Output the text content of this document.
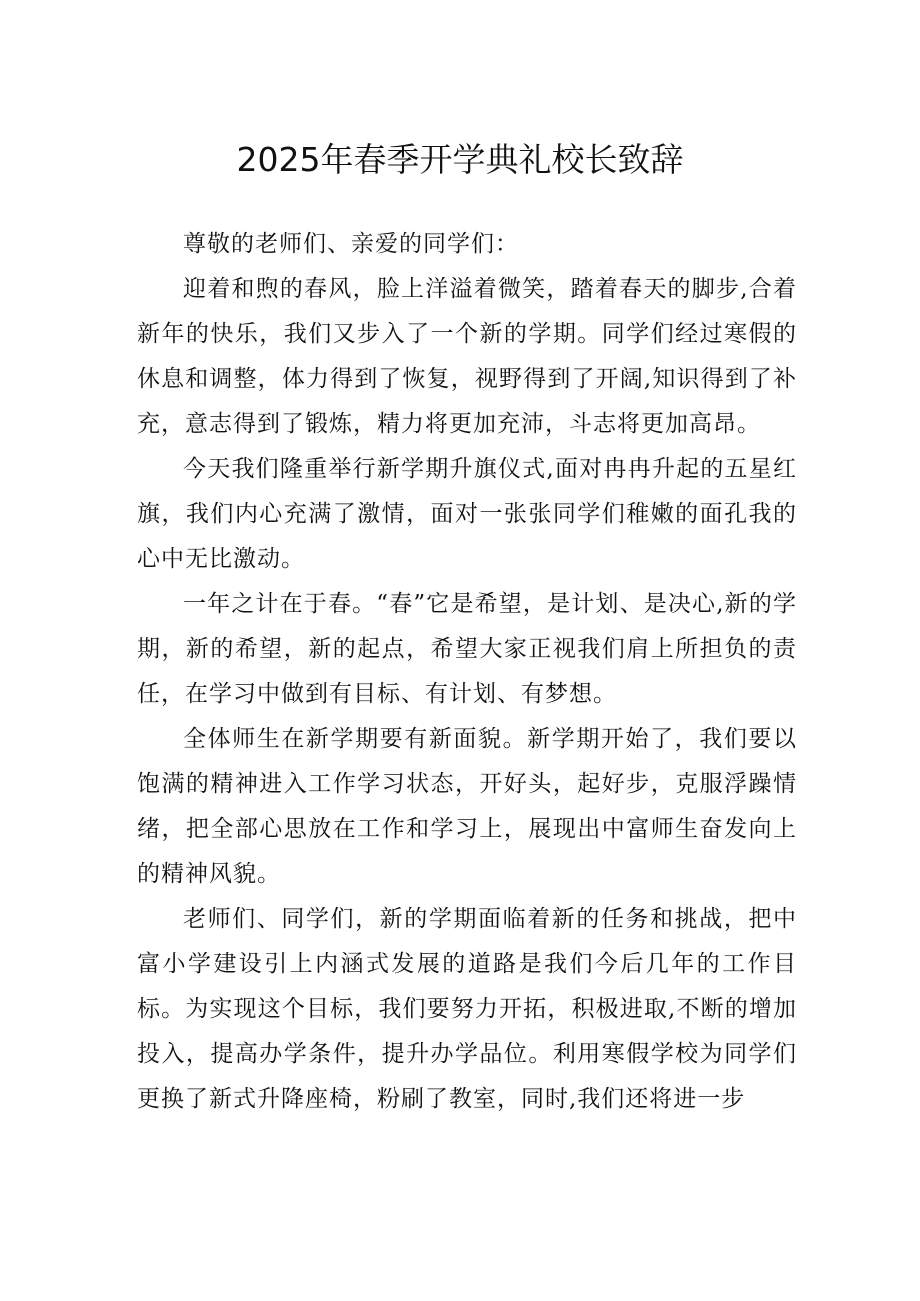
2025年春季开学典礼校长致辞

尊敬的老师们、亲爱的同学们：

迎着和煦的春风，脸上洋溢着微笑，踏着春天的脚步,合着新年的快乐，我们又步入了一个新的学期。同学们经过寒假的休息和调整，体力得到了恢复，视野得到了开阔,知识得到了补充，意志得到了锻炼，精力将更加充沛，斗志将更加高昂。

今天我们隆重举行新学期升旗仪式,面对冉冉升起的五星红旗，我们内心充满了激情，面对一张张同学们稚嫩的面孔我的心中无比激动。

一年之计在于春。“春”它是希望，是计划、是决心,新的学期，新的希望，新的起点，希望大家正视我们肩上所担负的责任，在学习中做到有目标、有计划、有梦想。

全体师生在新学期要有新面貌。新学期开始了，我们要以饱满的精神进入工作学习状态，开好头，起好步，克服浮躁情绪，把全部心思放在工作和学习上，展现出中富师生奋发向上的精神风貌。

老师们、同学们，新的学期面临着新的任务和挑战，把中富小学建设引上内涵式发展的道路是我们今后几年的工作目标。为实现这个目标，我们要努力开拓，积极进取,不断的增加投入，提高办学条件，提升办学品位。利用寒假学校为同学们更换了新式升降座椅，粉刷了教室，同时,我们还将进一步
